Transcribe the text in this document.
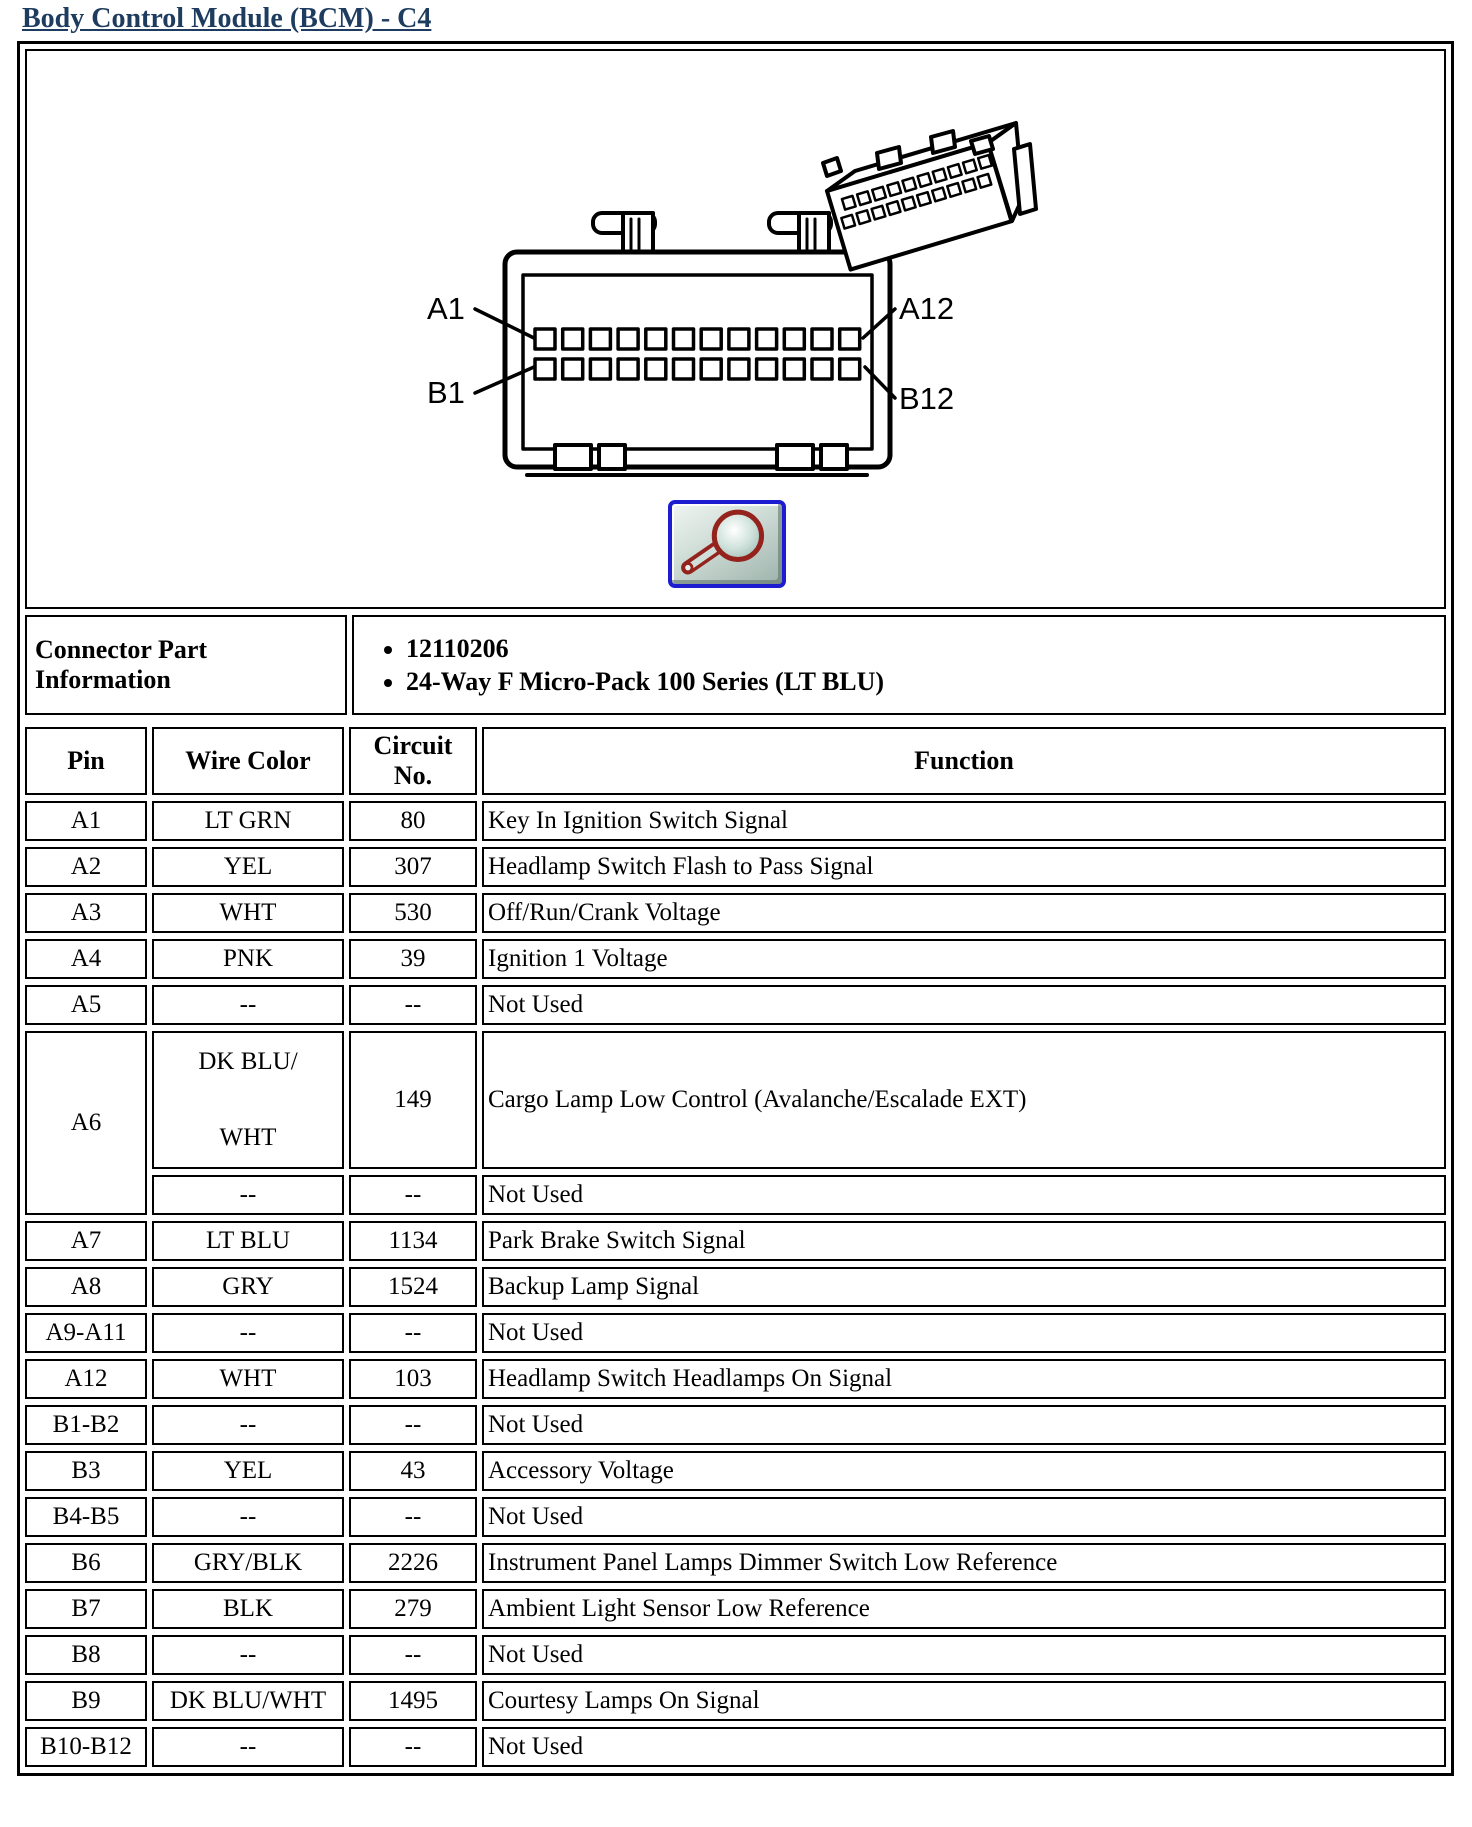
Body Control Module (BCM) - C4
A1
B1
A12
B12
Connector Part Information	
• 12110206
• 24-Way F Micro-Pack 100 Series (LT BLU)
Pin	Wire Color	Circuit No.	Function
A1	LT GRN	80	Key In Ignition Switch Signal
A2	YEL	307	Headlamp Switch Flash to Pass Signal
A3	WHT	530	Off/Run/Crank Voltage
A4	PNK	39	Ignition 1 Voltage
A5	--	--	Not Used
A6	DK BLU/
WHT	149	Cargo Lamp Low Control (Avalanche/Escalade EXT)
	--	--	Not Used
A7	LT BLU	1134	Park Brake Switch Signal
A8	GRY	1524	Backup Lamp Signal
A9-A11	--	--	Not Used
A12	WHT	103	Headlamp Switch Headlamps On Signal
B1-B2	--	--	Not Used
B3	YEL	43	Accessory Voltage
B4-B5	--	--	Not Used
B6	GRY/BLK	2226	Instrument Panel Lamps Dimmer Switch Low Reference
B7	BLK	279	Ambient Light Sensor Low Reference
B8	--	--	Not Used
B9	DK BLU/WHT	1495	Courtesy Lamps On Signal
B10-B12	--	--	Not Used
